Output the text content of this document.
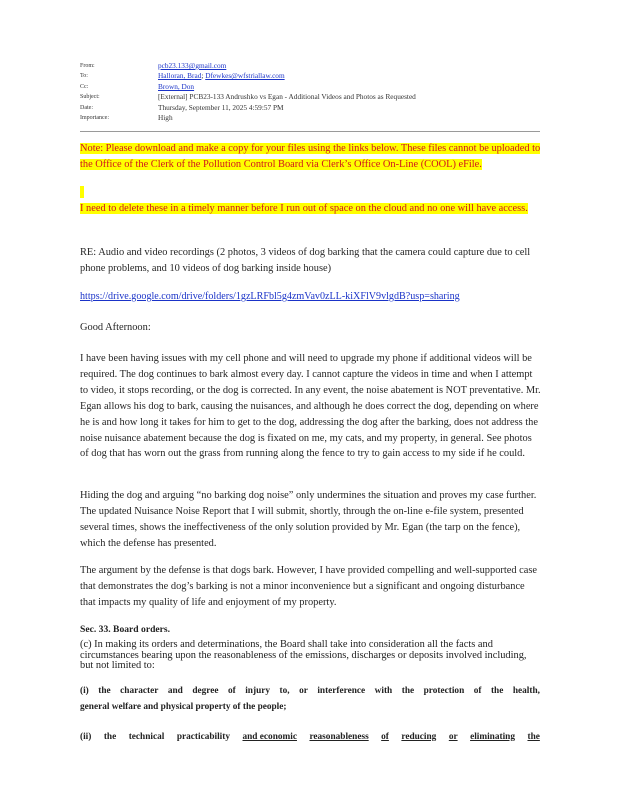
From:	pcb23.133@gmail.com
To:	Halloran, Brad; Dfewkes@wfstriallaw.com
Cc:	Brown, Don
Subject:	[External] PCB23-133 Andrushko vs Egan - Additional Videos and Photos as Requested
Date:	Thursday, September 11, 2025 4:59:57 PM
Importance:	High
Note: Please download and make a copy for your files using the links below. These files cannot be uploaded to the Office of the Clerk of the Pollution Control Board via Clerk’s Office On-Line (COOL) eFile.
I need to delete these in a timely manner before I run out of space on the cloud and no one will have access.
RE: Audio and video recordings (2 photos, 3 videos of dog barking that the camera could capture due to cell phone problems, and 10 videos of dog barking inside house)
https://drive.google.com/drive/folders/1gzLRFbl5g4zmVav0zLL-kiXFlV9vlgdB?usp=sharing
Good Afternoon:
I have been having issues with my cell phone and will need to upgrade my phone if additional videos will be required. The dog continues to bark almost every day. I cannot capture the videos in time and when I attempt to video, it stops recording, or the dog is corrected. In any event, the noise abatement is NOT preventative. Mr. Egan allows his dog to bark, causing the nuisances, and although he does correct the dog, depending on where he is and how long it takes for him to get to the dog, addressing the dog after the barking, does not address the noise nuisance abatement because the dog is fixated on me, my cats, and my property, in general. See photos of dog that has worn out the grass from running along the fence to try to gain access to my side if he could.
Hiding the dog and arguing “no barking dog noise” only undermines the situation and proves my case further. The updated Nuisance Noise Report that I will submit, shortly, through the on-line e-file system, presented several times, shows the ineffectiveness of the only solution provided by Mr. Egan (the tarp on the fence), which the defense has presented.
The argument by the defense is that dogs bark. However, I have provided compelling and well-supported case that demonstrates the dog’s barking is not a minor inconvenience but a significant and ongoing disturbance that impacts my quality of life and enjoyment of my property.
Sec. 33. Board orders.
(c) In making its orders and determinations, the Board shall take into consideration all the facts and circumstances bearing upon the reasonableness of the emissions, discharges or deposits involved including, but not limited to:
(i) the character and degree of injury to, or interference with the protection of the health,
general welfare and physical property of the people;
(ii) the technical practicability and economic reasonableness of reducing or eliminating the
